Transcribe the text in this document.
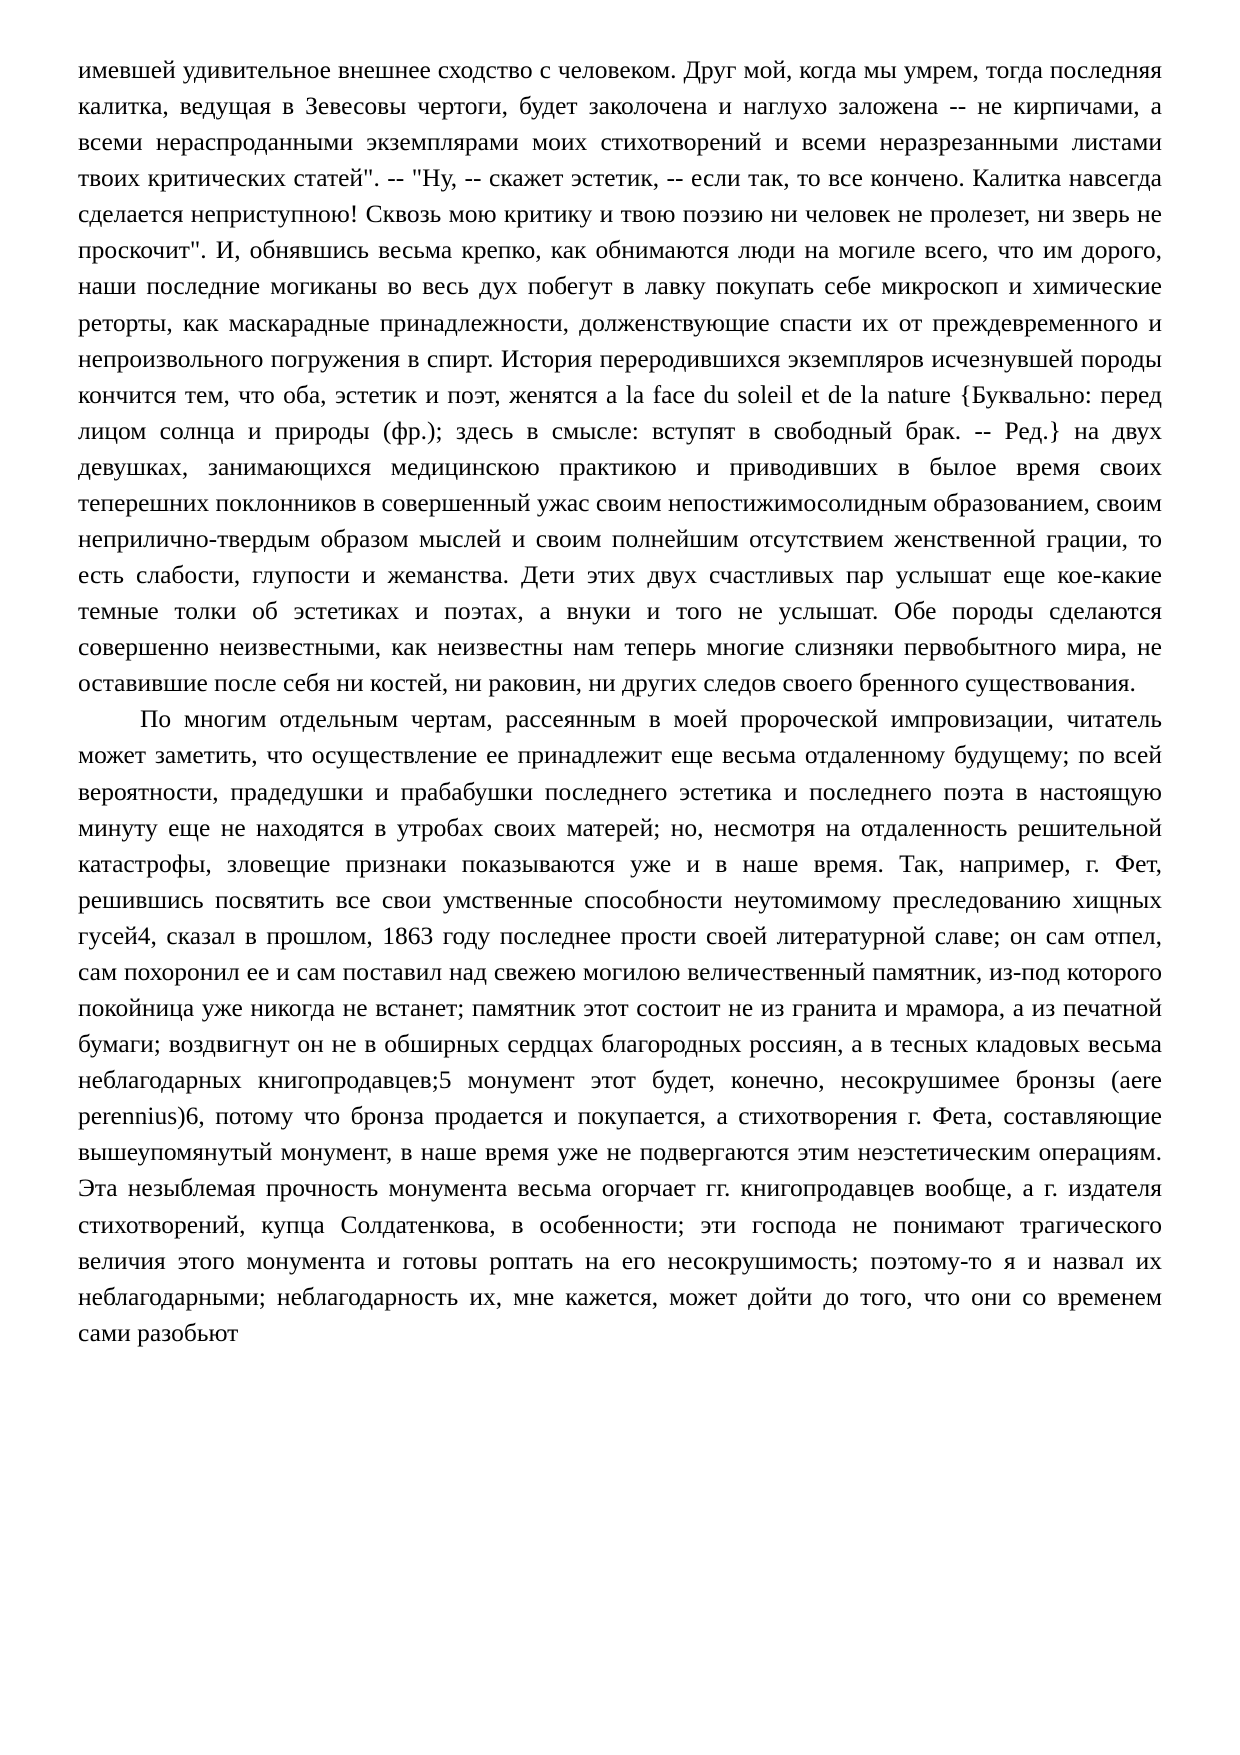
имевшей удивительное внешнее сходство с человеком. Друг мой, когда мы умрем, тогда последняя калитка, ведущая в Зевесовы чертоги, будет заколочена и наглухо заложена -- не кирпичами, а всеми нераспроданными экземплярами моих стихотворений и всеми неразрезанными листами твоих критических статей". -- "Ну, -- скажет эстетик, -- если так, то все кончено. Калитка навсегда сделается неприступною! Сквозь мою критику и твою поэзию ни человек не пролезет, ни зверь не проскочит". И, обнявшись весьма крепко, как обнимаются люди на могиле всего, что им дорого, наши последние могиканы во весь дух побегут в лавку покупать себе микроскоп и химические реторты, как маскарадные принадлежности, долженствующие спасти их от преждевременного и непроизвольного погружения в спирт. История переродившихся экземпляров исчезнувшей породы кончится тем, что оба, эстетик и поэт, женятся a la face du soleil et de la nature {Буквально: перед лицом солнца и природы (фр.); здесь в смысле: вступят в свободный брак. -- Ред.} на двух девушках, занимающихся медицинскою практикою и приводивших в былое время своих теперешних поклонников в совершенный ужас своим непостижимосолидным образованием, своим неприлично-твердым образом мыслей и своим полнейшим отсутствием женственной грации, то есть слабости, глупости и жеманства. Дети этих двух счастливых пар услышат еще кое-какие темные толки об эстетиках и поэтах, а внуки и того не услышат. Обе породы сделаются совершенно неизвестными, как неизвестны нам теперь многие слизняки первобытного мира, не оставившие после себя ни костей, ни раковин, ни других следов своего бренного существования.

По многим отдельным чертам, рассеянным в моей пророческой импровизации, читатель может заметить, что осуществление ее принадлежит еще весьма отдаленному будущему; по всей вероятности, прадедушки и прабабушки последнего эстетика и последнего поэта в настоящую минуту еще не находятся в утробах своих матерей; но, несмотря на отдаленность решительной катастрофы, зловещие признаки показываются уже и в наше время. Так, например, г. Фет, решившись посвятить все свои умственные способности неутомимому преследованию хищных гусей4, сказал в прошлом, 1863 году последнее прости своей литературной славе; он сам отпел, сам похоронил ее и сам поставил над свежею могилою величественный памятник, из-под которого покойница уже никогда не встанет; памятник этот состоит не из гранита и мрамора, а из печатной бумаги; воздвигнут он не в обширных сердцах благородных россиян, а в тесных кладовых весьма неблагодарных книгопродавцев;5 монумент этот будет, конечно, несокрушимее бронзы (aere perennius)6, потому что бронза продается и покупается, а стихотворения г. Фета, составляющие вышеупомянутый монумент, в наше время уже не подвергаются этим неэстетическим операциям. Эта незыблемая прочность монумента весьма огорчает гг. книгопродавцев вообще, а г. издателя стихотворений, купца Солдатенкова, в особенности; эти господа не понимают трагического величия этого монумента и готовы роптать на его несокрушимость; поэтому-то я и назвал их неблагодарными; неблагодарность их, мне кажется, может дойти до того, что они со временем сами разобьют
